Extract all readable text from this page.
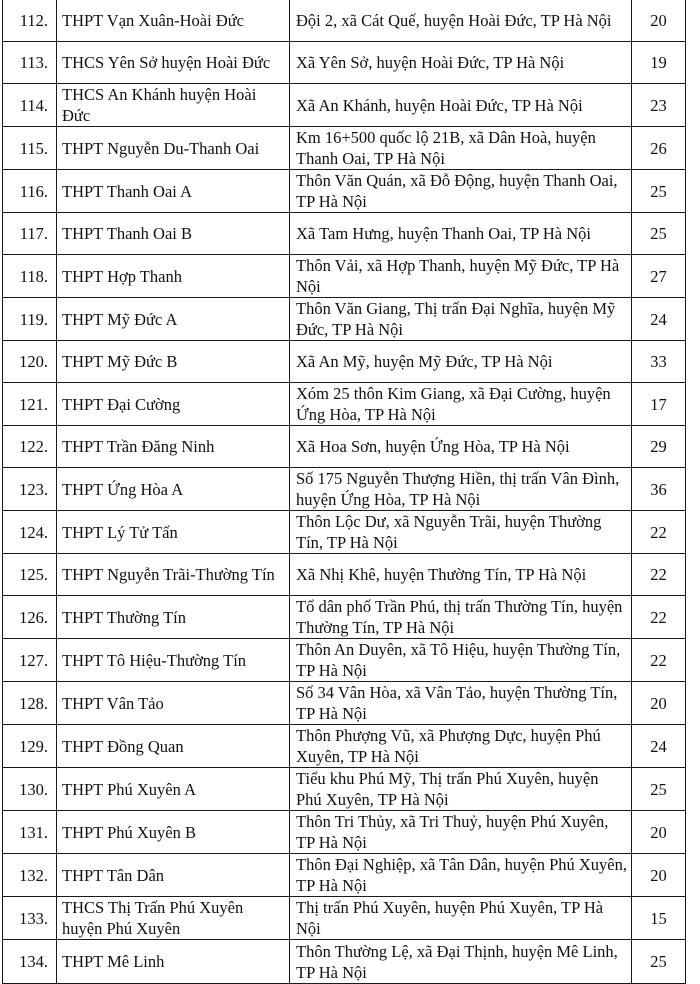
112.	THPT Vạn Xuân-Hoài Đức	Đội 2, xã Cát Quế, huyện Hoài Đức, TP Hà Nội	20
113.	THCS Yên Sở huyện Hoài Đức	Xã Yên Sở, huyện Hoài Đức, TP Hà Nội	19
114.	THCS An Khánh huyện Hoài Đức	Xã An Khánh, huyện Hoài Đức, TP Hà Nội	23
115.	THPT Nguyễn Du-Thanh Oai	Km 16+500 quốc lộ 21B, xã Dân Hoà, huyện Thanh Oai, TP Hà Nội	26
116.	THPT Thanh Oai A	Thôn Văn Quán, xã Đỗ Động, huyện Thanh Oai, TP Hà Nội	25
117.	THPT Thanh Oai B	Xã Tam Hưng, huyện Thanh Oai, TP Hà Nội	25
118.	THPT Hợp Thanh	Thôn Vải, xã Hợp Thanh, huyện Mỹ Đức, TP Hà Nội	27
119.	THPT Mỹ Đức A	Thôn Văn Giang, Thị trấn Đại Nghĩa, huyện Mỹ Đức, TP Hà Nội	24
120.	THPT Mỹ Đức B	Xã An Mỹ, huyện Mỹ Đức, TP Hà Nội	33
121.	THPT Đại Cường	Xóm 25 thôn Kim Giang, xã Đại Cường, huyện Ứng Hòa, TP Hà Nội	17
122.	THPT Trần Đăng Ninh	Xã Hoa Sơn, huyện Ứng Hòa, TP Hà Nội	29
123.	THPT Ứng Hòa A	Số 175 Nguyễn Thượng Hiền, thị trấn Vân Đình, huyện Ứng Hòa, TP Hà Nội	36
124.	THPT Lý Tử Tấn	Thôn Lộc Dư, xã Nguyễn Trãi, huyện Thường Tín, TP Hà Nội	22
125.	THPT Nguyễn Trãi-Thường Tín	Xã Nhị Khê, huyện Thường Tín, TP Hà Nội	22
126.	THPT Thường Tín	Tổ dân phố Trần Phú, thị trấn Thường Tín, huyện Thường Tín, TP Hà Nội	22
127.	THPT Tô Hiệu-Thường Tín	Thôn An Duyên, xã Tô Hiệu, huyện Thường Tín, TP Hà Nội	22
128.	THPT Vân Tảo	Số 34 Vân Hòa, xã Vân Tảo, huyện Thường Tín, TP Hà Nội	20
129.	THPT Đồng Quan	Thôn Phượng Vũ, xã Phượng Dực, huyện Phú Xuyên, TP Hà Nội	24
130.	THPT Phú Xuyên A	Tiểu khu Phú Mỹ, Thị trấn Phú Xuyên, huyện Phú Xuyên, TP Hà Nội	25
131.	THPT Phú Xuyên B	Thôn Tri Thủy, xã Tri Thuỷ, huyện Phú Xuyên, TP Hà Nội	20
132.	THPT Tân Dân	Thôn Đại Nghiệp, xã Tân Dân, huyện Phú Xuyên, TP Hà Nội	20
133.	THCS Thị Trấn Phú Xuyên huyện Phú Xuyên	Thị trấn Phú Xuyên, huyện Phú Xuyên, TP Hà Nội	15
134.	THPT Mê Linh	Thôn Thường Lệ, xã Đại Thịnh, huyện Mê Linh, TP Hà Nội	25
